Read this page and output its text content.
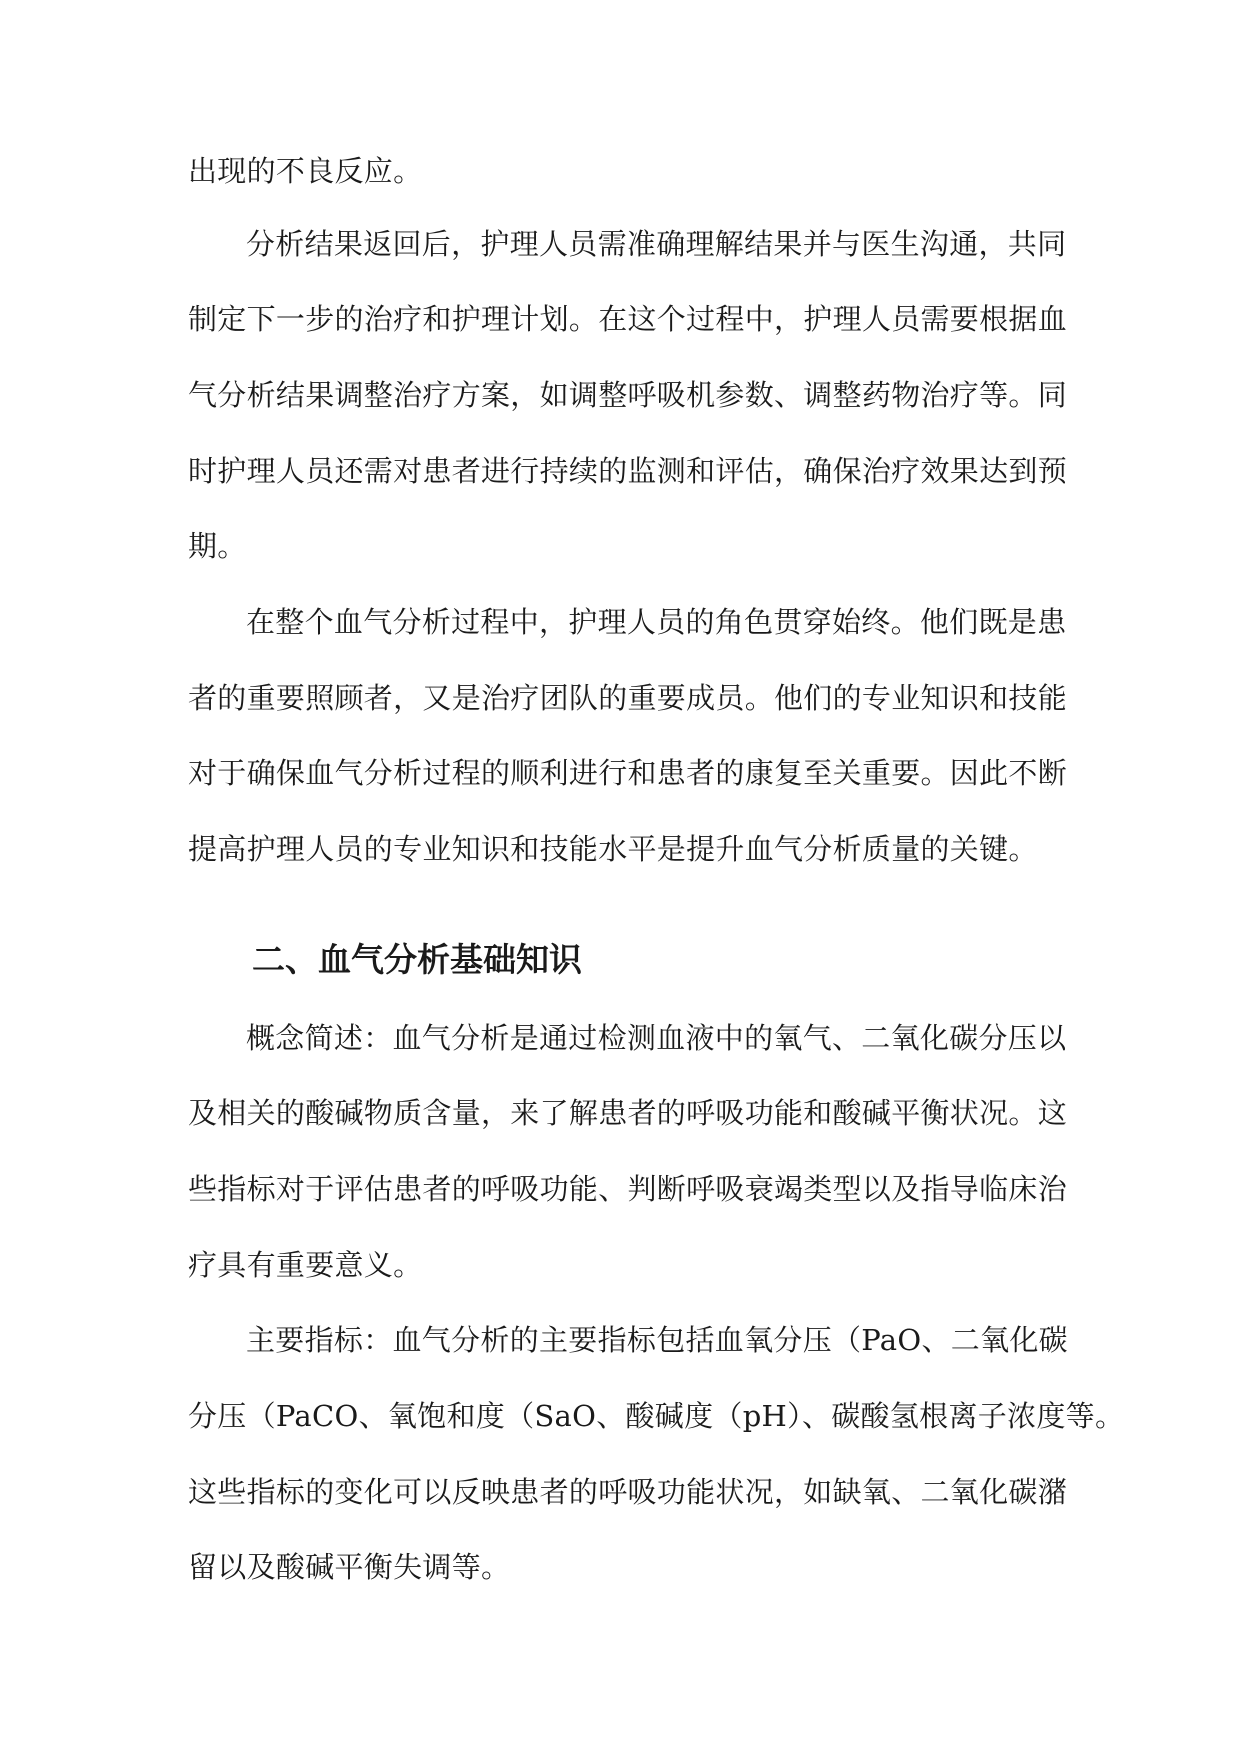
出现的不良反应。
分析结果返回后，护理人员需准确理解结果并与医生沟通，共同
制定下一步的治疗和护理计划。在这个过程中，护理人员需要根据血
气分析结果调整治疗方案，如调整呼吸机参数、调整药物治疗等。同
时护理人员还需对患者进行持续的监测和评估，确保治疗效果达到预
期。
在整个血气分析过程中，护理人员的角色贯穿始终。他们既是患
者的重要照顾者，又是治疗团队的重要成员。他们的专业知识和技能
对于确保血气分析过程的顺利进行和患者的康复至关重要。因此不断
提高护理人员的专业知识和技能水平是提升血气分析质量的关键。
二、血气分析基础知识
概念简述：血气分析是通过检测血液中的氧气、二氧化碳分压以
及相关的酸碱物质含量，来了解患者的呼吸功能和酸碱平衡状况。这
些指标对于评估患者的呼吸功能、判断呼吸衰竭类型以及指导临床治
疗具有重要意义。
主要指标：血气分析的主要指标包括血氧分压（PaO、二氧化碳
分压（PaCO、氧饱和度（SaO、酸碱度（pH）、碳酸氢根离子浓度等。
这些指标的变化可以反映患者的呼吸功能状况，如缺氧、二氧化碳潴
留以及酸碱平衡失调等。
